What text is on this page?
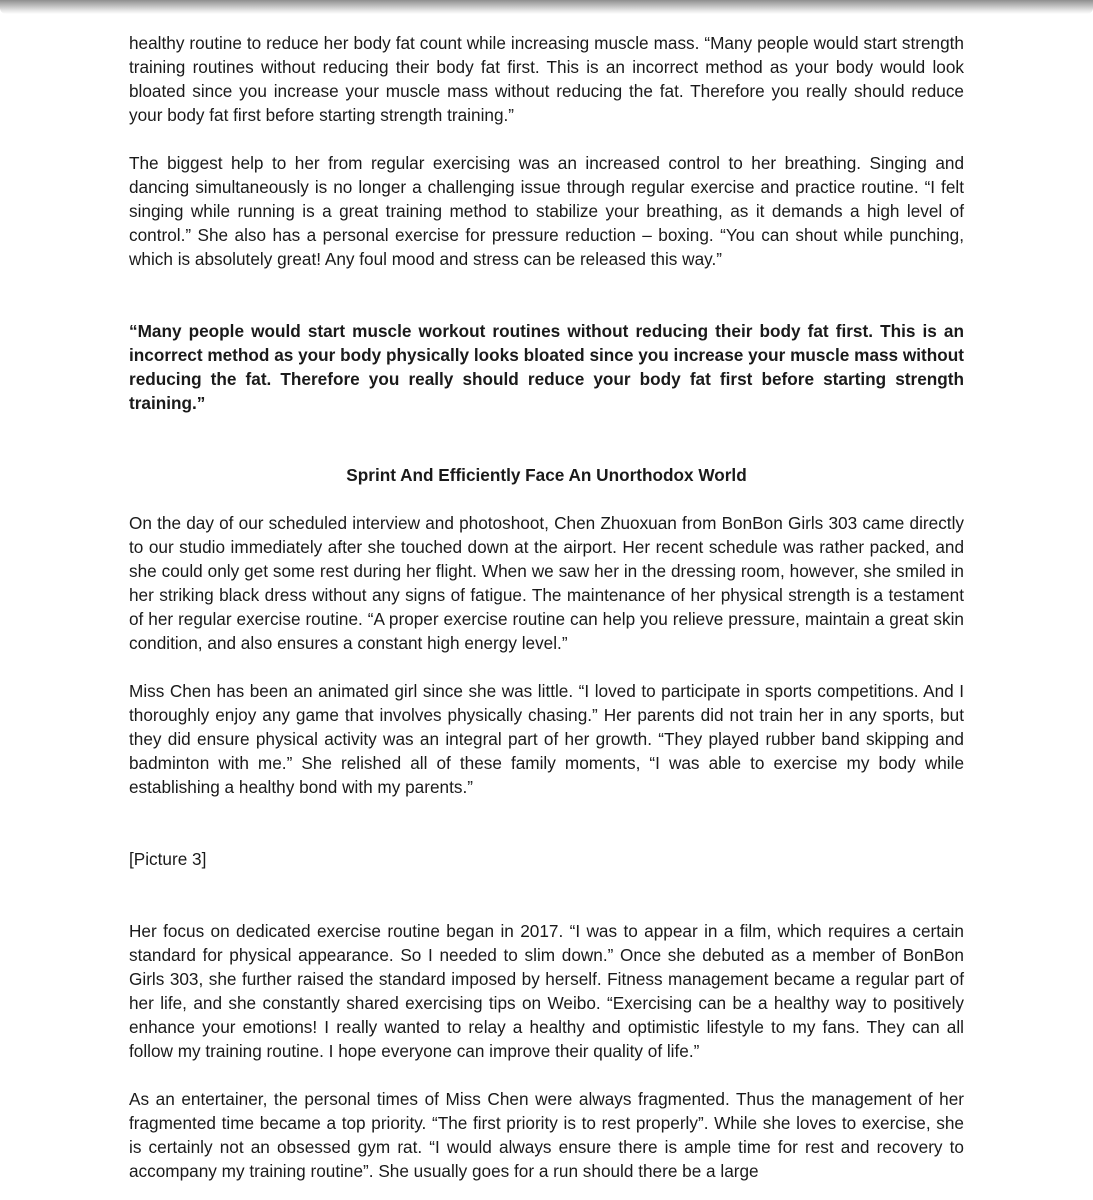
healthy routine to reduce her body fat count while increasing muscle mass. “Many people would start strength training routines without reducing their body fat first. This is an incorrect method as your body would look bloated since you increase your muscle mass without reducing the fat. Therefore you really should reduce your body fat first before starting strength training.”

The biggest help to her from regular exercising was an increased control to her breathing. Singing and dancing simultaneously is no longer a challenging issue through regular exercise and practice routine. “I felt singing while running is a great training method to stabilize your breathing, as it demands a high level of control.” She also has a personal exercise for pressure reduction – boxing. “You can shout while punching, which is absolutely great! Any foul mood and stress can be released this way.”

“Many people would start muscle workout routines without reducing their body fat first. This is an incorrect method as your body physically looks bloated since you increase your muscle mass without reducing the fat. Therefore you really should reduce your body fat first before starting strength training.”

Sprint And Efficiently Face An Unorthodox World

On the day of our scheduled interview and photoshoot, Chen Zhuoxuan from BonBon Girls 303 came directly to our studio immediately after she touched down at the airport. Her recent schedule was rather packed, and she could only get some rest during her flight. When we saw her in the dressing room, however, she smiled in her striking black dress without any signs of fatigue. The maintenance of her physical strength is a testament of her regular exercise routine. “A proper exercise routine can help you relieve pressure, maintain a great skin condition, and also ensures a constant high energy level.”

Miss Chen has been an animated girl since she was little. “I loved to participate in sports competitions. And I thoroughly enjoy any game that involves physically chasing.” Her parents did not train her in any sports, but they did ensure physical activity was an integral part of her growth. “They played rubber band skipping and badminton with me.” She relished all of these family moments, “I was able to exercise my body while establishing a healthy bond with my parents.”

[Picture 3]

Her focus on dedicated exercise routine began in 2017. “I was to appear in a film, which requires a certain standard for physical appearance. So I needed to slim down.” Once she debuted as a member of BonBon Girls 303, she further raised the standard imposed by herself. Fitness management became a regular part of her life, and she constantly shared exercising tips on Weibo. “Exercising can be a healthy way to positively enhance your emotions! I really wanted to relay a healthy and optimistic lifestyle to my fans. They can all follow my training routine. I hope everyone can improve their quality of life.”

As an entertainer, the personal times of Miss Chen were always fragmented. Thus the management of her fragmented time became a top priority. “The first priority is to rest properly”. While she loves to exercise, she is certainly not an obsessed gym rat. “I would always ensure there is ample time for rest and recovery to accompany my training routine”. She usually goes for a run should there be a large
